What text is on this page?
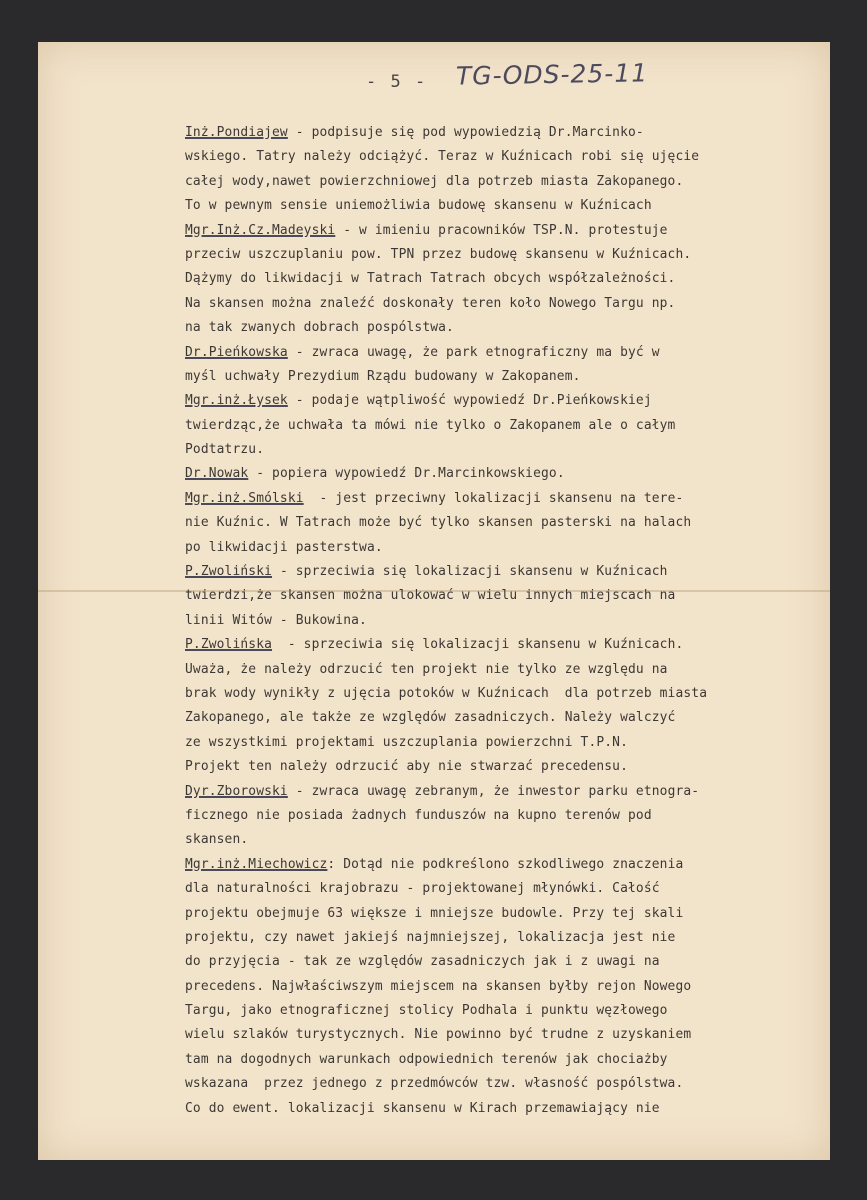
- 5 - TG-ODS-25-11
Inż.Pondiajew - podpisuje się pod wypowiedzią Dr.Marcinko-
wskiego. Tatry należy odciążyć. Teraz w Kuźnicach robi się ujęcie
całej wody,nawet powierzchniowej dla potrzeb miasta Zakopanego.
To w pewnym sensie uniemożliwia budowę skansenu w Kuźnicach
Mgr.Inż.Cz.Madeyski - w imieniu pracowników TSP.N. protestuje
przeciw uszczuplaniu pow. TPN przez budowę skansenu w Kuźnicach.
Dążymy do likwidacji w Tatrach Tatrach obcych współzależności.
Na skansen można znaleźć doskonały teren koło Nowego Targu np.
na tak zwanych dobrach pospólstwa.
Dr.Pieńkowska - zwraca uwagę, że park etnograficzny ma być w
myśl uchwały Prezydium Rządu budowany w Zakopanem.
Mgr.inż.Łysek - podaje wątpliwość wypowiedź Dr.Pieńkowskiej
twierdząc,że uchwała ta mówi nie tylko o Zakopanem ale o całym
Podtatrzu.
Dr.Nowak - popiera wypowiedź Dr.Marcinkowskiego.
Mgr.inż.Smólski  - jest przeciwny lokalizacji skansenu na tere-
nie Kuźnic. W Tatrach może być tylko skansen pasterski na halach
po likwidacji pasterstwa.
P.Zwoliński - sprzeciwia się lokalizacji skansenu w Kuźnicach
twierdzi,że skansen można ulokować w wielu innych miejscach na
linii Witów - Bukowina.
P.Zwolińska  - sprzeciwia się lokalizacji skansenu w Kuźnicach.
Uważa, że należy odrzucić ten projekt nie tylko ze względu na
brak wody wynikły z ujęcia potoków w Kuźnicach  dla potrzeb miasta
Zakopanego, ale także ze względów zasadniczych. Należy walczyć
ze wszystkimi projektami uszczuplania powierzchni T.P.N.
Projekt ten należy odrzucić aby nie stwarzać precedensu.
Dyr.Zborowski - zwraca uwagę zebranym, że inwestor parku etnogra-
ficznego nie posiada żadnych funduszów na kupno terenów pod
skansen.
Mgr.inż.Miechowicz: Dotąd nie podkreślono szkodliwego znaczenia
dla naturalności krajobrazu - projektowanej młynówki. Całość
projektu obejmuje 63 większe i mniejsze budowle. Przy tej skali
projektu, czy nawet jakiejś najmniejszej, lokalizacja jest nie
do przyjęcia - tak ze względów zasadniczych jak i z uwagi na
precedens. Najwłaściwszym miejscem na skansen byłby rejon Nowego
Targu, jako etnograficznej stolicy Podhala i punktu węzłowego
wielu szlaków turystycznych. Nie powinno być trudne z uzyskaniem
tam na dogodnych warunkach odpowiednich terenów jak chociażby
wskazana  przez jednego z przedmówców tzw. własność pospólstwa.
Co do ewent. lokalizacji skansenu w Kirach przemawiający nie
